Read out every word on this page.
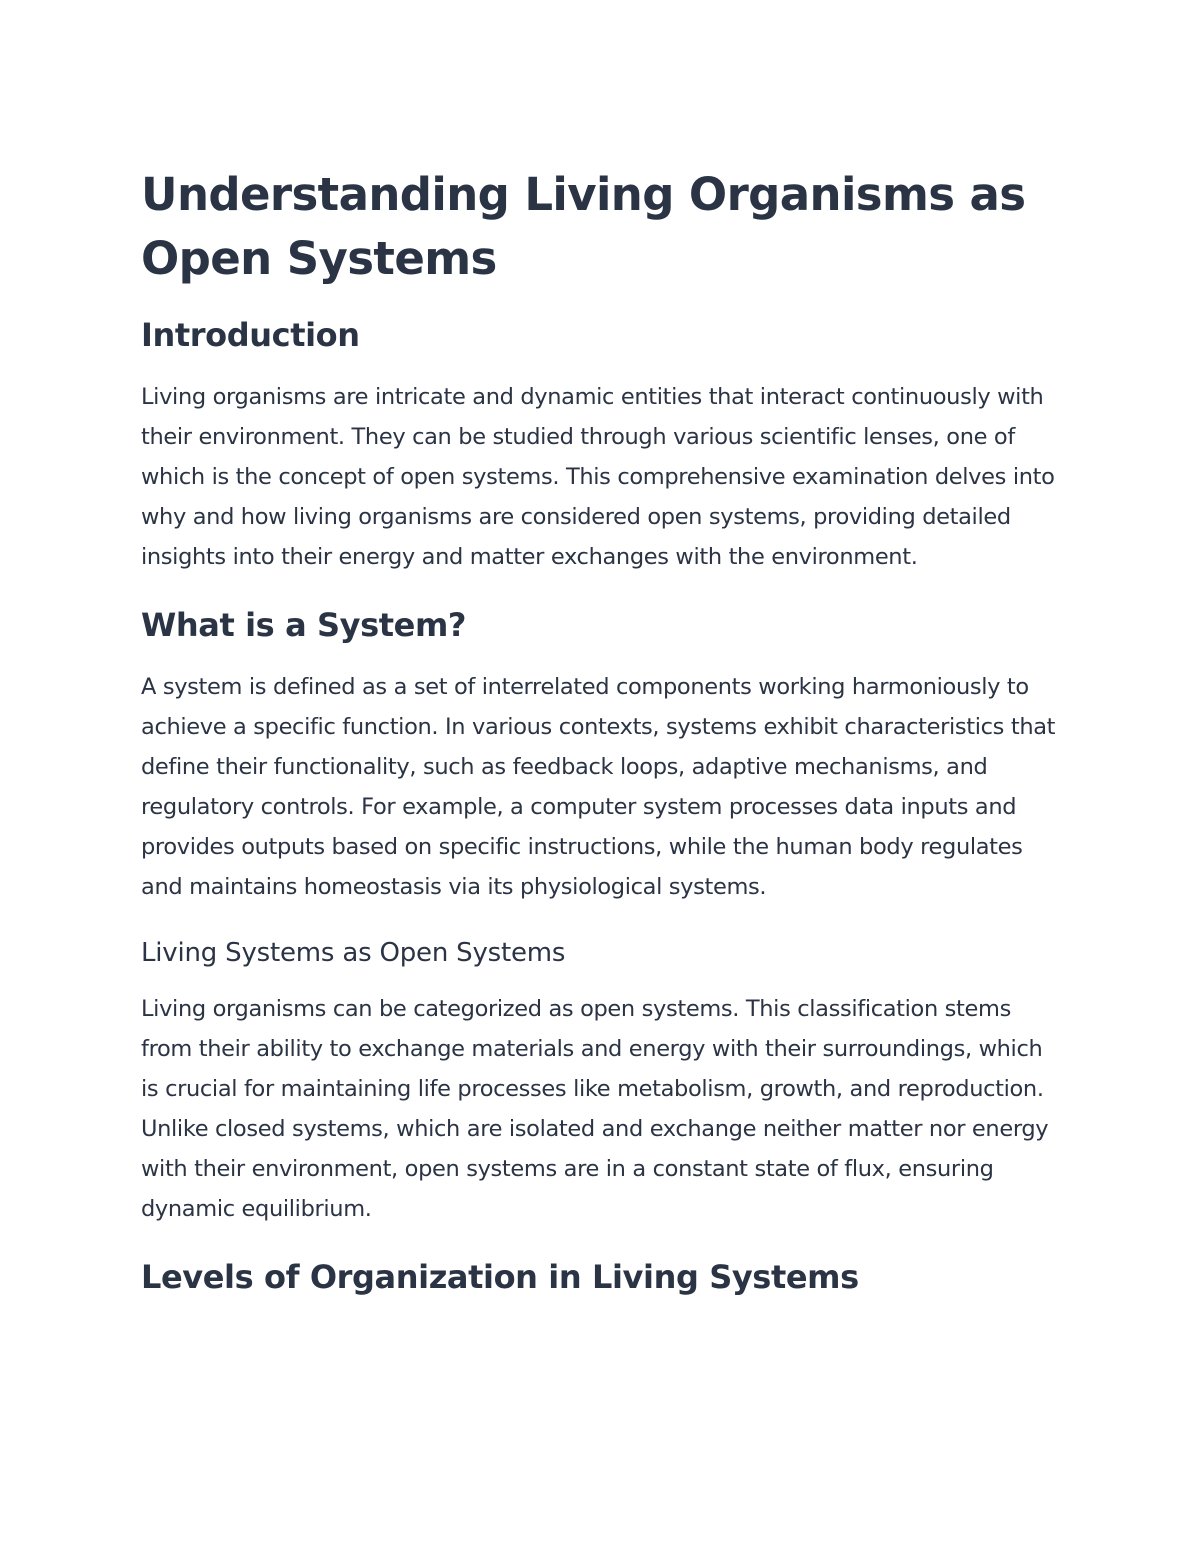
Understanding Living Organisms as Open Systems
Introduction

Living organisms are intricate and dynamic entities that interact continuously with their environment. They can be studied through various scientific lenses, one of which is the concept of open systems. This comprehensive examination delves into why and how living organisms are considered open systems, providing detailed insights into their energy and matter exchanges with the environment.

What is a System?

A system is defined as a set of interrelated components working harmoniously to achieve a specific function. In various contexts, systems exhibit characteristics that define their functionality, such as feedback loops, adaptive mechanisms, and regulatory controls. For example, a computer system processes data inputs and provides outputs based on specific instructions, while the human body regulates and maintains homeostasis via its physiological systems.

Living Systems as Open Systems

Living organisms can be categorized as open systems. This classification stems from their ability to exchange materials and energy with their surroundings, which is crucial for maintaining life processes like metabolism, growth, and reproduction. Unlike closed systems, which are isolated and exchange neither matter nor energy with their environment, open systems are in a constant state of flux, ensuring dynamic equilibrium.

Levels of Organization in Living Systems
